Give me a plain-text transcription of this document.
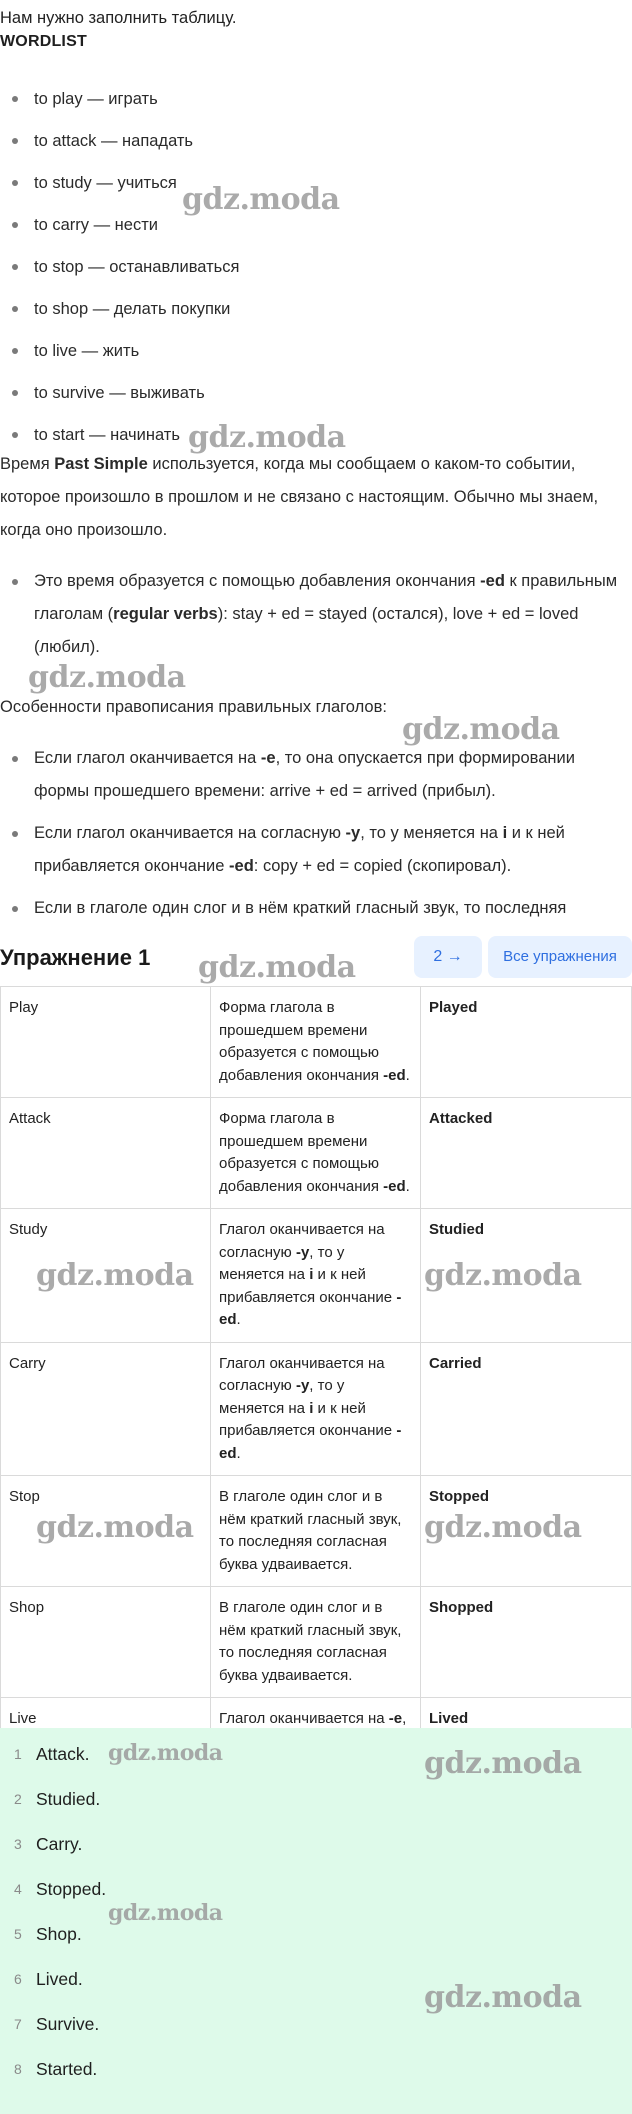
Нам нужно заполнить таблицу.
WORDLIST
to play — играть
to attack — нападать
to study — учиться
to carry — нести
to stop — останавливаться
to shop — делать покупки
to live — жить
to survive — выживать
to start — начинать
Время Past Simple используется, когда мы сообщаем о каком-то событии, которое произошло в прошлом и не связано с настоящим. Обычно мы знаем, когда оно произошло.
Это время образуется с помощью добавления окончания -ed к правильным глаголам (regular verbs): stay + ed = stayed (остался), love + ed = loved (любил).
Особенности правописания правильных глаголов:
Если глагол оканчивается на -e, то она опускается при формировании формы прошедшего времени: arrive + ed = arrived (прибыл).
Если глагол оканчивается на согласную -y, то у меняется на i и к ней прибавляется окончание -ed: copy + ed = copied (скопировал).
Если в глаголе один слог и в нём краткий гласный звук, то последняя
Упражнение 1	2 →	Все упражнения
Play	Форма глагола в прошедшем времени образуется с помощью добавления окончания -ed.	Played
Attack	Форма глагола в прошедшем времени образуется с помощью добавления окончания -ed.	Attacked
Study	Глагол оканчивается на согласную -y, то у меняется на i и к ней прибавляется окончание -ed.	Studied
Carry	Глагол оканчивается на согласную -y, то у меняется на i и к ней прибавляется окончание -ed.	Carried
Stop	В глаголе один слог и в нём краткий гласный звук, то последняя согласная буква удваивается.	Stopped
Shop	В глаголе один слог и в нём краткий гласный звук, то последняя согласная буква удваивается.	Shopped
Live	Глагол оканчивается на -e,	Lived
1 Attack.
2 Studied.
3 Carry.
4 Stopped.
5 Shop.
6 Lived.
7 Survive.
8 Started.
gdz.moda
gdz.moda
gdz.moda
gdz.moda
gdz.moda
gdz.moda	gdz.moda
gdz.moda	gdz.moda
gdz.moda	gdz.moda
gdz.moda
gdz.moda
